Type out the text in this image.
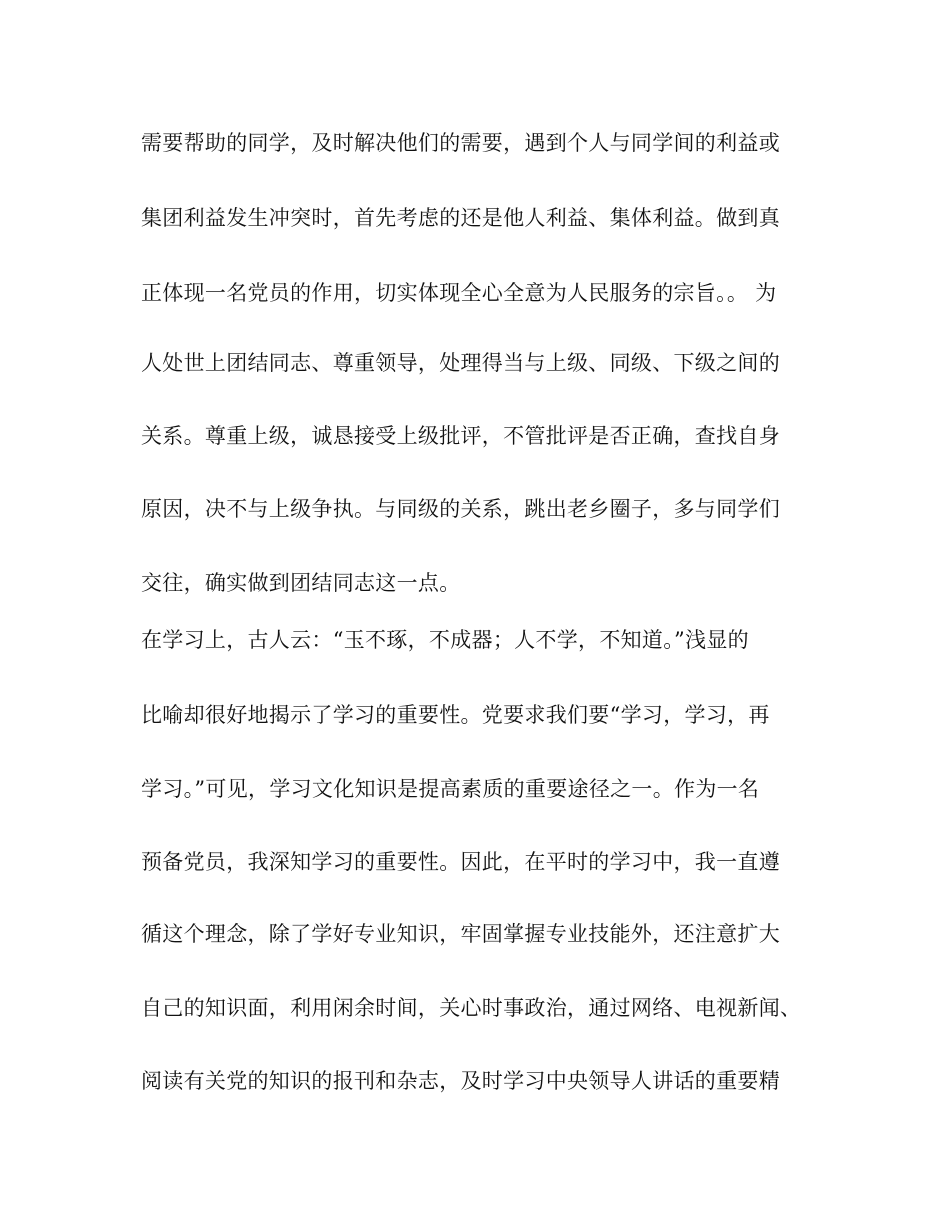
需要帮助的同学，及时解决他们的需要，遇到个人与同学间的利益或
集团利益发生冲突时，首先考虑的还是他人利益、集体利益。做到真
正体现一名党员的作用，切实体现全心全意为人民服务的宗旨。。 为
人处世上团结同志、尊重领导，处理得当与上级、同级、下级之间的
关系。尊重上级，诚恳接受上级批评，不管批评是否正确，查找自身
原因，决不与上级争执。与同级的关系，跳出老乡圈子，多与同学们
交往，确实做到团结同志这一点。
在学习上，古人云：“玉不琢，不成器；人不学，不知道。”浅显的
比喻却很好地揭示了学习的重要性。党要求我们要“学习，学习，再
学习。”可见，学习文化知识是提高素质的重要途径之一。作为一名
预备党员，我深知学习的重要性。因此，在平时的学习中，我一直遵
循这个理念，除了学好专业知识，牢固掌握专业技能外，还注意扩大
自己的知识面，利用闲余时间，关心时事政治，通过网络、电视新闻、
阅读有关党的知识的报刊和杂志，及时学习中央领导人讲话的重要精
